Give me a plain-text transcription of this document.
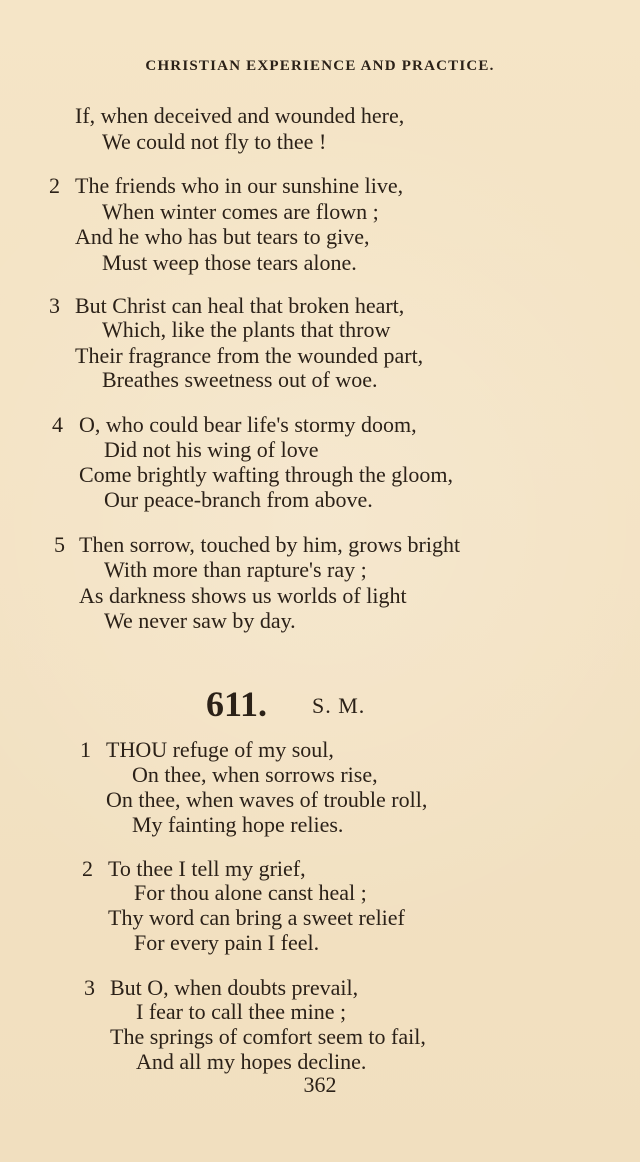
CHRISTIAN EXPERIENCE AND PRACTICE.
If, when deceived and wounded here,
We could not fly to thee !
2 The friends who in our sunshine live,
When winter comes are flown ;
And he who has but tears to give,
Must weep those tears alone.
3 But Christ can heal that broken heart,
Which, like the plants that throw
Their fragrance from the wounded part,
Breathes sweetness out of woe.
4 O, who could bear life's stormy doom,
Did not his wing of love
Come brightly wafting through the gloom,
Our peace-branch from above.
5 Then sorrow, touched by him, grows bright
With more than rapture's ray ;
As darkness shows us worlds of light
We never saw by day.
611. S. M.
1 THOU refuge of my soul,
On thee, when sorrows rise,
On thee, when waves of trouble roll,
My fainting hope relies.
2 To thee I tell my grief,
For thou alone canst heal ;
Thy word can bring a sweet relief
For every pain I feel.
3 But O, when doubts prevail,
I fear to call thee mine ;
The springs of comfort seem to fail,
And all my hopes decline.
362
